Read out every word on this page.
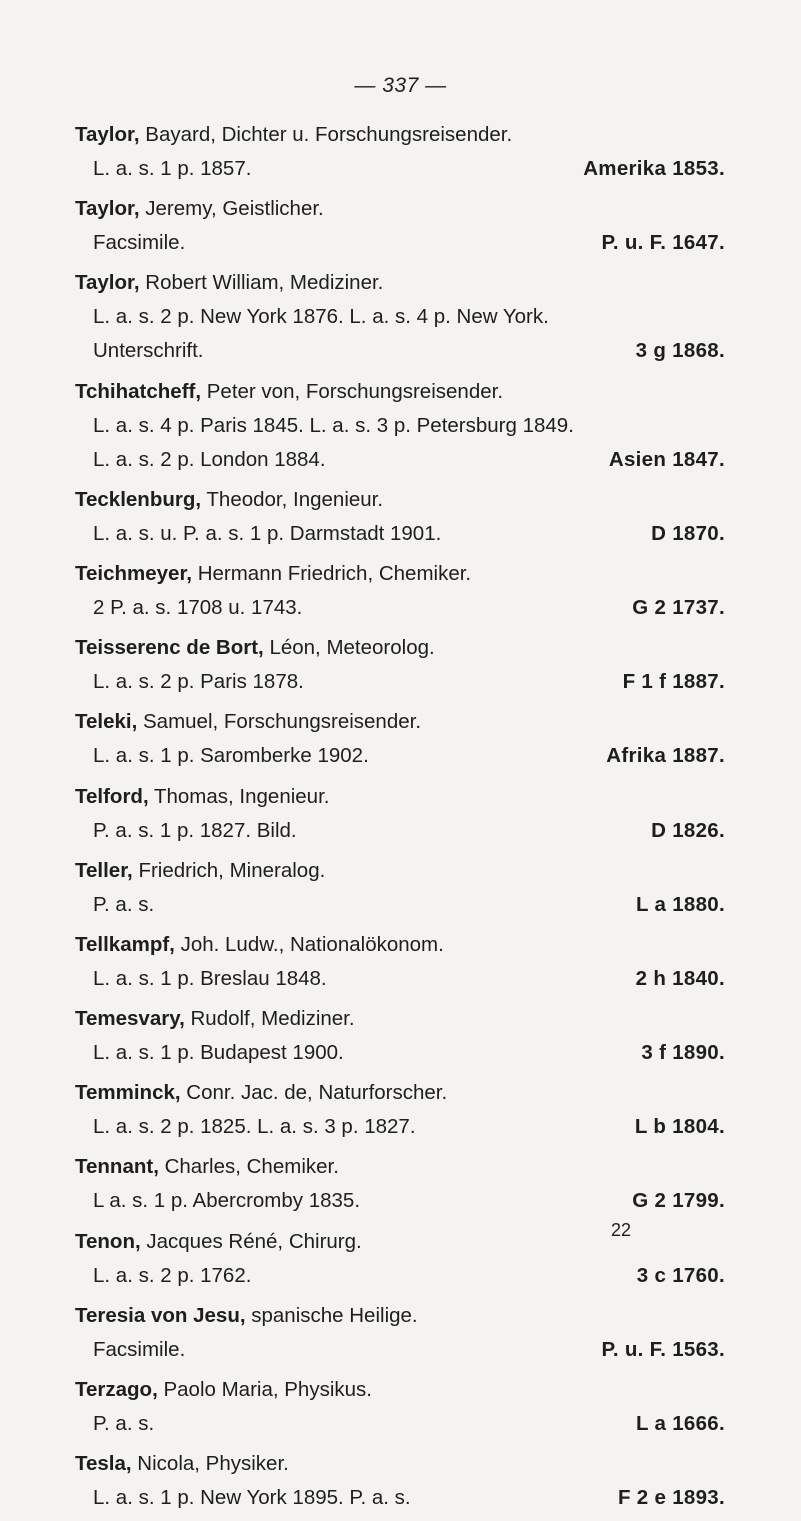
— 337 —
Taylor, Bayard, Dichter u. Forschungsreisender.
L. a. s. 1 p. 1857.	Amerika 1853.
Taylor, Jeremy, Geistlicher.
Facsimile.	P. u. F. 1647.
Taylor, Robert William, Mediziner.
L. a. s. 2 p. New York 1876. L. a. s. 4 p. New York.
Unterschrift.	3 g 1868.
Tchihatcheff, Peter von, Forschungsreisender.
L. a. s. 4 p. Paris 1845. L. a. s. 3 p. Petersburg 1849.
L. a. s. 2 p. London 1884.	Asien 1847.
Tecklenburg, Theodor, Ingenieur.
L. a. s. u. P. a. s. 1 p. Darmstadt 1901.	D 1870.
Teichmeyer, Hermann Friedrich, Chemiker.
2 P. a. s. 1708 u. 1743.	G 2 1737.
Teisserenc de Bort, Léon, Meteorolog.
L. a. s. 2 p. Paris 1878.	F 1 f 1887.
Teleki, Samuel, Forschungsreisender.
L. a. s. 1 p. Saromberke 1902.	Afrika 1887.
Telford, Thomas, Ingenieur.
P. a. s. 1 p. 1827. Bild.	D 1826.
Teller, Friedrich, Mineralog.
P. a. s.	L a 1880.
Tellkampf, Joh. Ludw., Nationalökonom.
L. a. s. 1 p. Breslau 1848.	2 h 1840.
Temesvary, Rudolf, Mediziner.
L. a. s. 1 p. Budapest 1900.	3 f 1890.
Temminck, Conr. Jac. de, Naturforscher.
L. a. s. 2 p. 1825. L. a. s. 3 p. 1827.	L b 1804.
Tennant, Charles, Chemiker.
L a. s. 1 p. Abercromby 1835.	G 2 1799.
Tenon, Jacques Réné, Chirurg.
L. a. s. 2 p. 1762.	3 c 1760.
Teresia von Jesu, spanische Heilige.
Facsimile.	P. u. F. 1563.
Terzago, Paolo Maria, Physikus.
P. a. s.	L a 1666.
Tesla, Nicola, Physiker.
L. a. s. 1 p. New York 1895. P. a. s.	F 2 e 1893.
22
